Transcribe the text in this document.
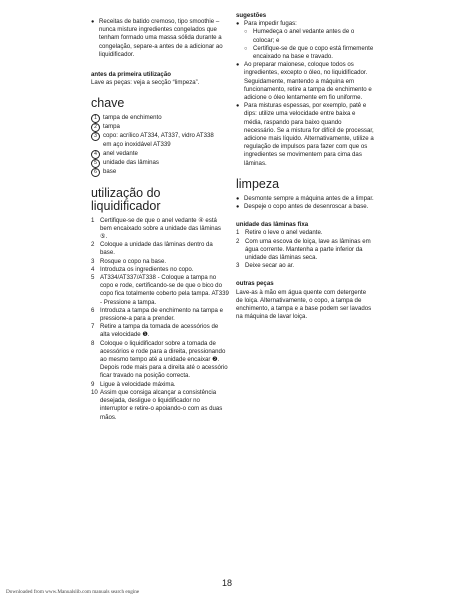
● Receitas de batido cremoso, tipo smoothie – nunca misture ingredientes congelados que tenham formado uma massa sólida durante a congelação, separe-a antes de a adicionar ao liquidificador.

antes da primeira utilização

Lave as peças: veja a secção “limpeza”.

chave

1	tampa de enchimento
2	tampa
3	copo: acrílico AT334, AT337, vidro AT338
em aço inoxidável AT339
4	anel vedante
5	unidade das lâminas
6	base

utilização do liquidificador

1 Certifique-se de que o anel vedante ④ está bem encaixado sobre a unidade das lâminas ⑤.
2 Coloque a unidade das lâminas dentro da base.
3 Rosque o copo na base.
4 Introduza os ingredientes no copo.
5 AT334/AT337/AT338 - Coloque a tampa no copo e rode, certificando-se de que o bico do copo fica totalmente coberto pela tampa. AT339 - Pressione a tampa.
6 Introduza a tampa de enchimento na tampa e pressione-a para a prender.
7 Retire a tampa da tomada de acessórios de alta velocidade ❶.
8 Coloque o liquidificador sobre a tomada de acessórios e rode para a direita, pressionando ao mesmo tempo até a unidade encaixar ❷. Depois rode mais para a direita até o acessório ficar travado na posição correcta.
9 Ligue à velocidade máxima.
10 Assim que consiga alcançar a consistência desejada, desligue o liquidificador no interruptor e retire-o apoiando-o com as duas mãos.

sugestões

● Para impedir fugas:

○ Humedeça o anel vedante antes de o colocar; e

○ Certifique-se de que o copo está firmemente encaixado na base e travado.

● Ao preparar maionese, coloque todos os ingredientes, excepto o óleo, no liquidificador. Seguidamente, mantendo a máquina em funcionamento, retire a tampa de enchimento e adicione o óleo lentamente em fio uniforme.

● Para misturas espessas, por exemplo, patê e dips: utilize uma velocidade entre baixa e média, raspando para baixo quando necessário. Se a mistura for difícil de processar, adicione mais líquido. Alternativamente, utilize a regulação de impulsos para fazer com que os ingredientes se movimentem para cima das lâminas.

limpeza

● Desmonte sempre a máquina antes de a limpar.

● Despeje o copo antes de desenroscar a base.

unidade das lâminas fixa

1 Retire o leve o anel vedante.
2 Com uma escova de loiça, lave as lâminas em água corrente. Mantenha a parte inferior da unidade das lâminas seca.
3 Deixe secar ao ar.

outras peças

Lave-as à mão em água quente com detergente de loiça. Alternativamente, o copo, a tampa de enchimento, a tampa e a base podem ser lavados na máquina de lavar loiça.

18
Downloaded from www.Manualslib.com manuals search engine
